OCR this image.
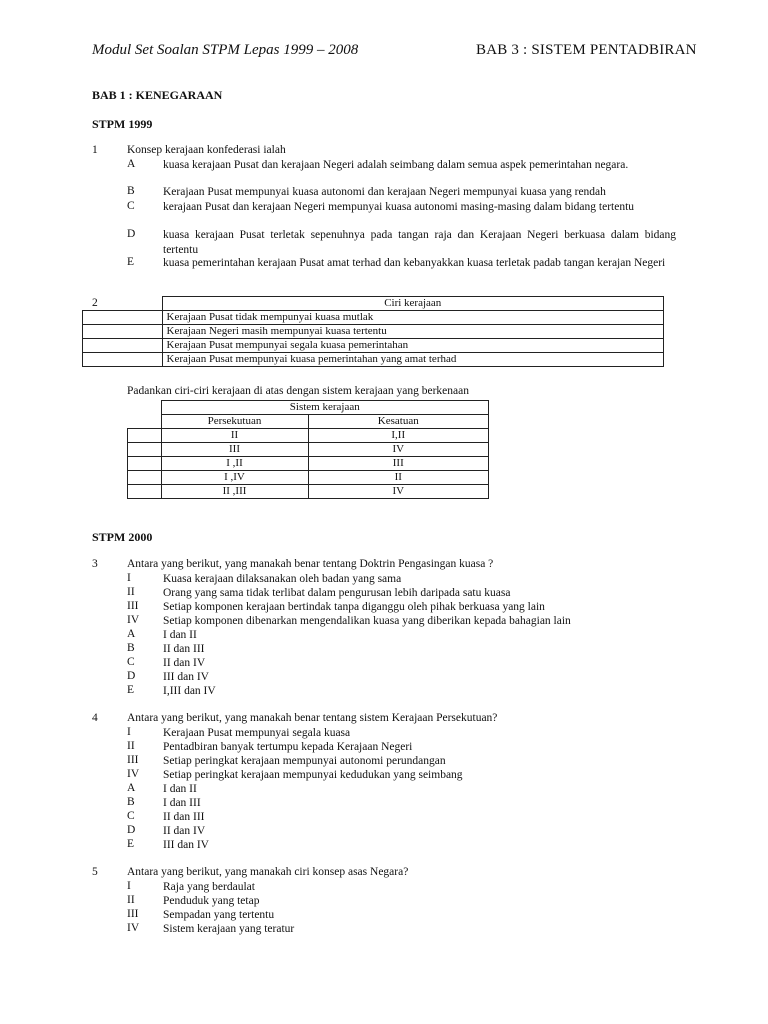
Modul Set Soalan STPM Lepas 1999 – 2008	BAB 3 : SISTEM PENTADBIRAN
BAB 1 : KENEGARAAN
STPM 1999
1	Konsep kerajaan konfederasi ialah
A kuasa kerajaan Pusat dan kerajaan Negeri adalah seimbang dalam semua aspek pemerintahan negara.
B Kerajaan Pusat mempunyai kuasa autonomi dan kerajaan Negeri mempunyai kuasa yang rendah
C kerajaan Pusat dan kerajaan Negeri mempunyai kuasa autonomi masing-masing dalam bidang tertentu
D kuasa kerajaan Pusat terletak sepenuhnya pada tangan raja dan Kerajaan Negeri berkuasa dalam bidang tertentu
E	kuasa pemerintahan kerajaan Pusat amat terhad dan kebanyakkan kuasa terletak padab tangan kerajan Negeri
2
		Ciri kerajaan
	Kerajaan Pusat tidak mempunyai kuasa mutlak
	Kerajaan Negeri masih mempunyai kuasa tertentu
	Kerajaan Pusat mempunyai segala kuasa pemerintahan
	Kerajaan Pusat mempunyai kuasa pemerintahan yang amat terhad
Padankan ciri-ciri kerajaan di atas dengan sistem kerajaan yang berkenaan
	Sistem kerajaan	
	Persekutuan	Kesatuan
	II	I,II
	III	IV
	I ,II	III
	I ,IV	II
	II ,III	IV
STPM 2000
3	Antara yang berikut, yang manakah benar tentang Doktrin Pengasingan kuasa ?
I	Kuasa kerajaan dilaksanakan oleh badan yang sama
II Orang yang sama tidak terlibat dalam pengurusan lebih daripada satu kuasa
III Setiap komponen kerajaan bertindak tanpa diganggu oleh pihak berkuasa yang lain
IV Setiap komponen dibenarkan mengendalikan kuasa yang diberikan kepada bahagian lain
A I dan II
B II dan III
C II dan IV
D III dan IV
E	I,III dan IV
4	Antara yang berikut, yang manakah benar tentang sistem Kerajaan Persekutuan?
I	Kerajaan Pusat mempunyai segala kuasa
II Pentadbiran banyak tertumpu kepada Kerajaan Negeri
III Setiap peringkat kerajaan mempunyai autonomi perundangan
IV Setiap peringkat kerajaan mempunyai kedudukan yang seimbang
A I dan II
B I dan III
C II dan III
D II dan IV
E	III dan IV
5	Antara yang berikut, yang manakah ciri konsep asas Negara?
I	Raja yang berdaulat
II Penduduk yang tetap
III Sempadan yang tertentu
IV Sistem kerajaan yang teratur
